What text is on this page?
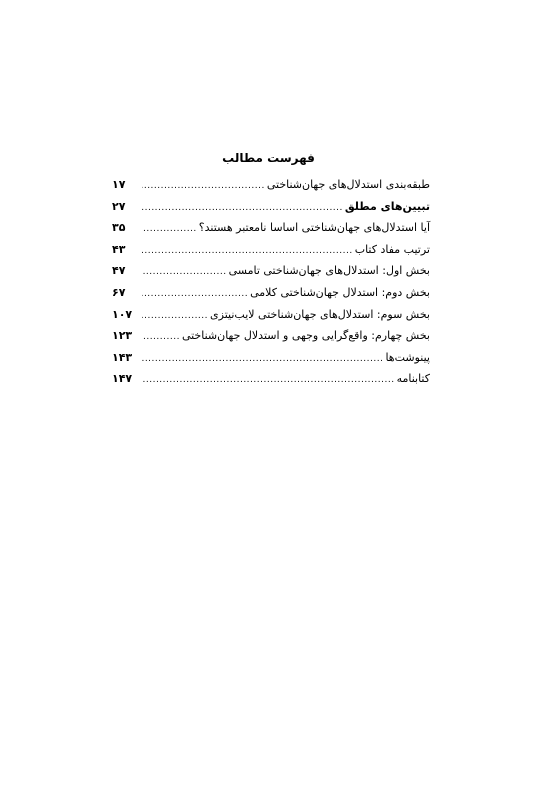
فهرست مطالب
طبقه‌بندی استدلال‌های جهان‌شناختی
.....
۱۷
تبیین‌های مطلق
.....
۲۷
آیا استدلال‌های جهان‌شناختی اساسا نامعتبر هستند؟
.....
۳۵
ترتیب مفاد کتاب
.....
۴۳
بخش اول: استدلال‌های جهان‌شناختی تامسی
.....
۴۷
بخش دوم: استدلال جهان‌شناختی کلامی
.....
۶۷
بخش سوم: استدلال‌های جهان‌شناختی لایب‌نیتزی
.....
۱۰۷
بخش چهارم: واقع‌گرایی وجهی و استدلال جهان‌شناختی
.....
۱۲۳
پینوشت‌ها
.....
۱۴۳
کتابنامه
.....
۱۴۷
